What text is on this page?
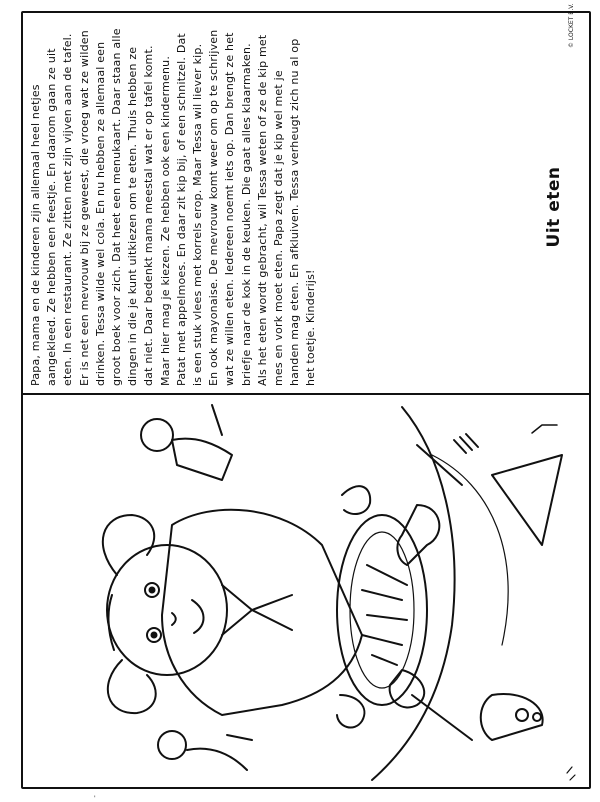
Papa, mama en de kinderen zijn allemaal heel netjes aangekleed. Ze hebben een feestje. En daarom gaan ze uit eten. In een restaurant. Ze zitten met zijn vijven aan de tafel. Er is net een mevrouw bij ze geweest, die vroeg wat ze wilden drinken. Tessa wilde wel cola. En nu hebben ze allemaal een groot boek voor zich. Dat heet een menukaart. Daar staan alle dingen in die je kunt uitkiezen om te eten. Thuis hebben ze dat niet. Daar bedenkt mama meestal wat er op tafel komt. Maar hier mag je kiezen. Ze hebben ook een kindermenu. Patat met appelmoes. En daar zit kip bij, of een schnitzel. Dat is een stuk vlees met korrels erop. Maar Tessa wil liever kip. En ook mayonaise. De mevrouw komt weer om op te schrijven wat ze willen eten. Iedereen noemt iets op. Dan brengt ze het briefje naar de kok in de keuken. Die gaat alles klaarmaken. Als het eten wordt gebracht, wil Tessa weten of ze de kip met mes en vork moet eten. Papa zegt dat je kip wel met je handen mag eten. En afkluiven. Tessa verheugt zich nu al op het toetje. Kinderijs!

Uit eten
© LOCKET B.V.
'
